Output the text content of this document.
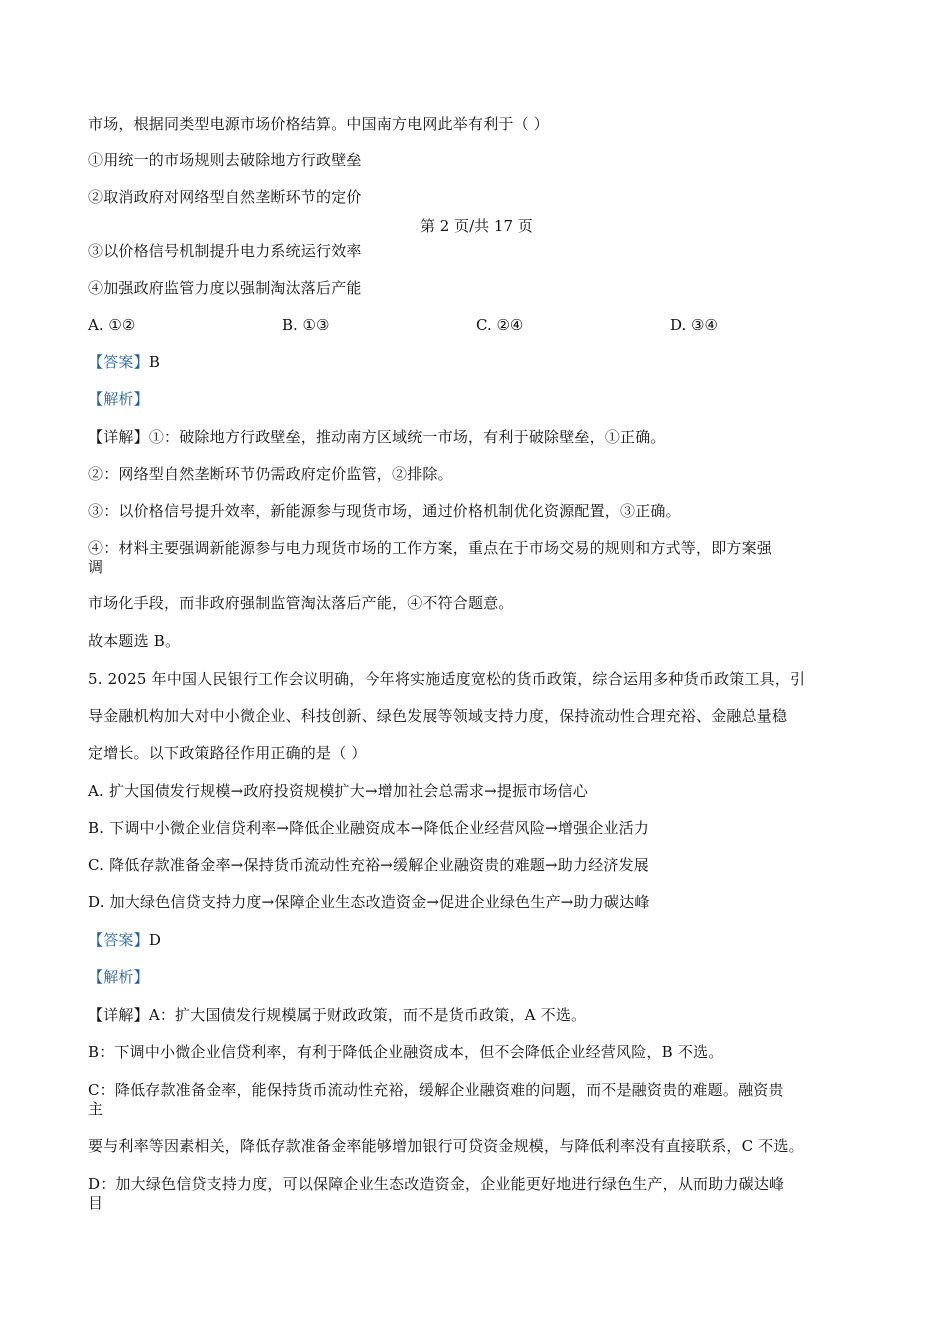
市场，根据同类型电源市场价格结算。中国南方电网此举有利于（ ）
①用统一的市场规则去破除地方行政壁垒
②取消政府对网络型自然垄断环节的定价
第 2 页/共 17 页
③以价格信号机制提升电力系统运行效率
④加强政府监管力度以强制淘汰落后产能
A. ①②	B. ①③	C. ②④	D. ③④
【答案】B
【解析】
【详解】①：破除地方行政壁垒，推动南方区域统一市场，有利于破除壁垒，①正确。
②：网络型自然垄断环节仍需政府定价监管，②排除。
③：以价格信号提升效率，新能源参与现货市场，通过价格机制优化资源配置，③正确。
④：材料主要强调新能源参与电力现货市场的工作方案，重点在于市场交易的规则和方式等，即方案强
调
市场化手段，而非政府强制监管淘汰落后产能，④不符合题意。
故本题选 B。
5. 2025 年中国人民银行工作会议明确，今年将实施适度宽松的货币政策，综合运用多种货币政策工具，引
导金融机构加大对中小微企业、科技创新、绿色发展等领域支持力度，保持流动性合理充裕、金融总量稳
定增长。以下政策路径作用正确的是（ ）
A. 扩大国债发行规模→政府投资规模扩大→增加社会总需求→提振市场信心
B. 下调中小微企业信贷利率→降低企业融资成本→降低企业经营风险→增强企业活力
C. 降低存款准备金率→保持货币流动性充裕→缓解企业融资贵的难题→助力经济发展
D. 加大绿色信贷支持力度→保障企业生态改造资金→促进企业绿色生产→助力碳达峰
【答案】D
【解析】
【详解】A：扩大国债发行规模属于财政政策，而不是货币政策，A 不选。
B：下调中小微企业信贷利率，有利于降低企业融资成本，但不会降低企业经营风险，B 不选。
C：降低存款准备金率，能保持货币流动性充裕，缓解企业融资难的问题，而不是融资贵的难题。融资贵
主
要与利率等因素相关，降低存款准备金率能够增加银行可贷资金规模，与降低利率没有直接联系，C 不选。
D：加大绿色信贷支持力度，可以保障企业生态改造资金，企业能更好地进行绿色生产，从而助力碳达峰
目
